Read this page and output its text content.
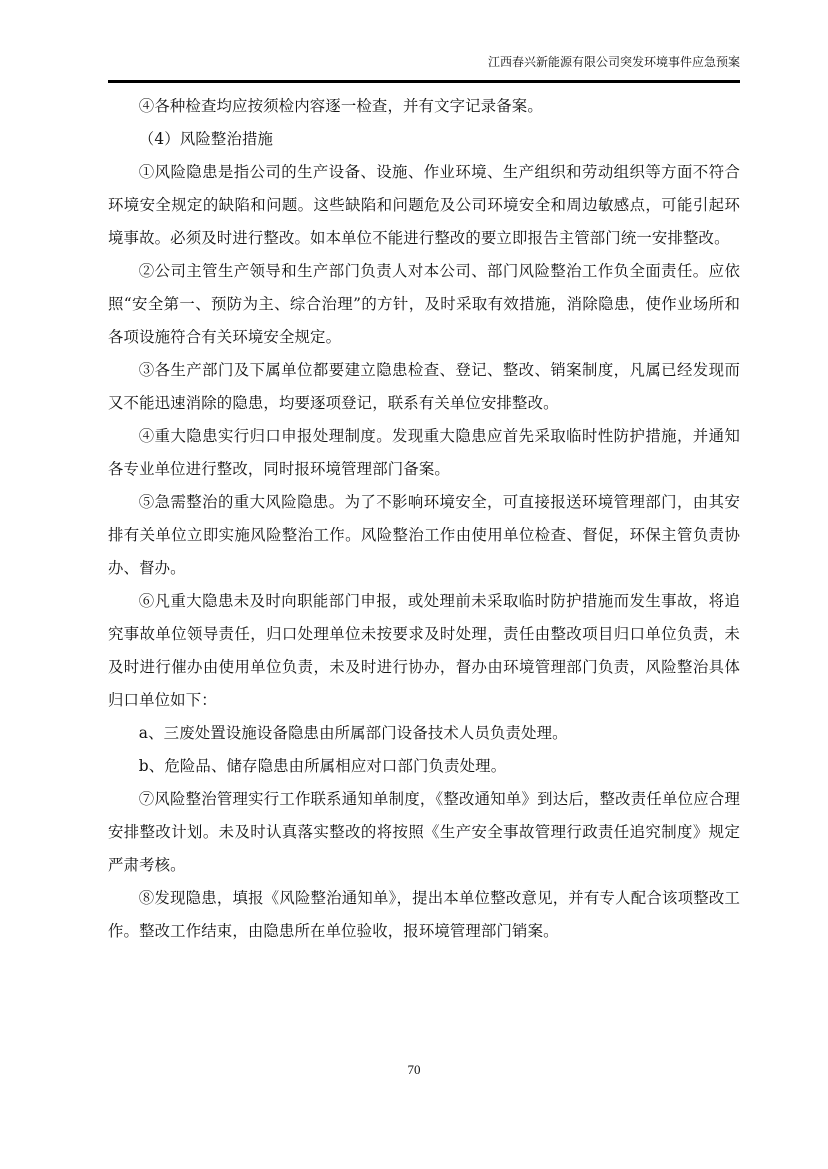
江西春兴新能源有限公司突发环境事件应急预案

④各种检查均应按须检内容逐一检查，并有文字记录备案。

（4）风险整治措施

①风险隐患是指公司的生产设备、设施、作业环境、生产组织和劳动组织等方面不符合环境安全规定的缺陷和问题。这些缺陷和问题危及公司环境安全和周边敏感点，可能引起环境事故。必须及时进行整改。如本单位不能进行整改的要立即报告主管部门统一安排整改。

②公司主管生产领导和生产部门负责人对本公司、部门风险整治工作负全面责任。应依照“安全第一、预防为主、综合治理”的方针，及时采取有效措施，消除隐患，使作业场所和各项设施符合有关环境安全规定。

③各生产部门及下属单位都要建立隐患检查、登记、整改、销案制度，凡属已经发现而又不能迅速消除的隐患，均要逐项登记，联系有关单位安排整改。

④重大隐患实行归口申报处理制度。发现重大隐患应首先采取临时性防护措施，并通知各专业单位进行整改，同时报环境管理部门备案。

⑤急需整治的重大风险隐患。为了不影响环境安全，可直接报送环境管理部门，由其安排有关单位立即实施风险整治工作。风险整治工作由使用单位检查、督促，环保主管负责协办、督办。

⑥凡重大隐患未及时向职能部门申报，或处理前未采取临时防护措施而发生事故，将追究事故单位领导责任，归口处理单位未按要求及时处理，责任由整改项目归口单位负责，未及时进行催办由使用单位负责，未及时进行协办，督办由环境管理部门负责，风险整治具体归口单位如下：

a、三废处置设施设备隐患由所属部门设备技术人员负责处理。

b、危险品、储存隐患由所属相应对口部门负责处理。

⑦风险整治管理实行工作联系通知单制度，《整改通知单》到达后，整改责任单位应合理安排整改计划。未及时认真落实整改的将按照《生产安全事故管理行政责任追究制度》规定严肃考核。

⑧发现隐患，填报《风险整治通知单》，提出本单位整改意见，并有专人配合该项整改工作。整改工作结束，由隐患所在单位验收，报环境管理部门销案。

70
